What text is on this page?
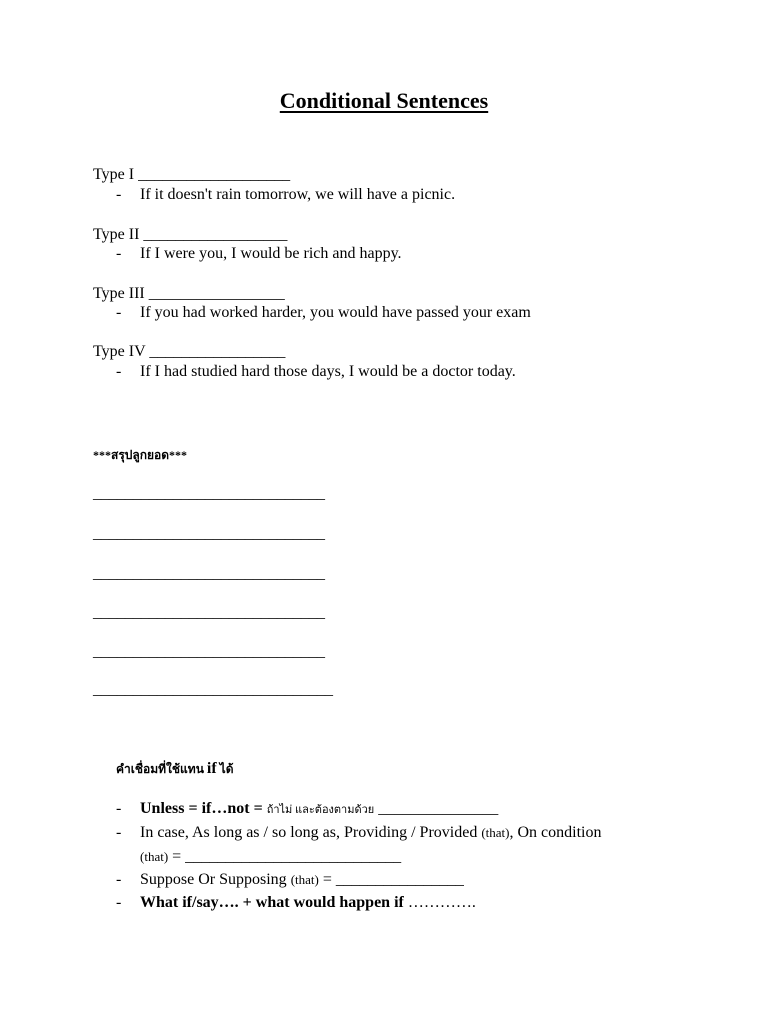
Conditional Sentences
Type I ___________________
- If it doesn't rain tomorrow, we will have a picnic.
Type II __________________
- If I were you, I would be rich and happy.
Type III _________________
- If you had worked harder, you would have passed your exam
Type IV _________________
- If I had studied hard those days, I would be a doctor today.
***สรุปลูกยอด***
_____________________________
_____________________________
_____________________________
_____________________________
_____________________________
______________________________
คำเชื่อมที่ใช้แทน if ได้
- Unless = if…not = ถ้าไม่ และต้องตามด้วย _______________
- In case, As long as / so long as, Providing / Provided (that), On condition
(that) = ___________________________
- Suppose Or Supposing (that) = ________________
- What if/say…. + what would happen if ………….
